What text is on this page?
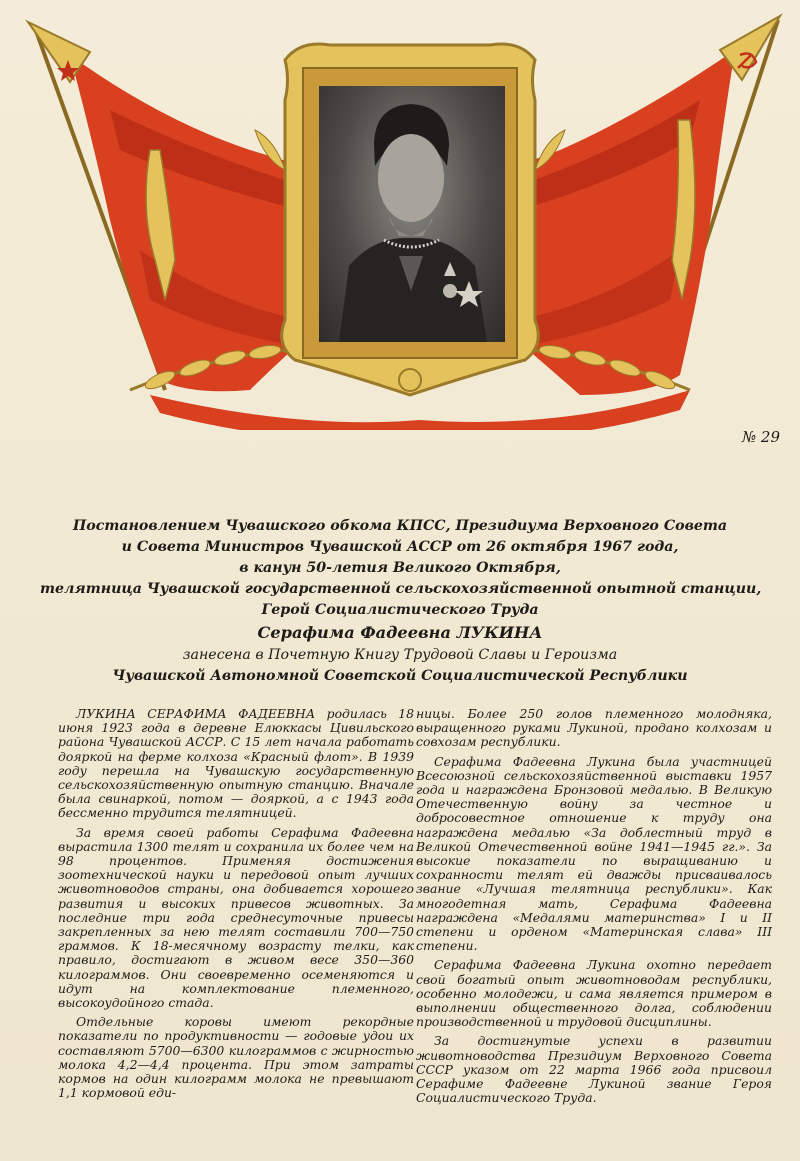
№ 29
Постановлением Чувашского обкома КПСС, Президиума Верховного Совета
и Совета Министров Чувашской АССР от 26 октября 1967 года,
в канун 50-летия Великого Октября,
телятница Чувашской государственной сельскохозяйственной опытной станции,
Герой Социалистического Труда
Серафима Фадеевна ЛУКИНА
занесена в Почетную Книгу Трудовой Славы и Героизма
Чувашской Автономной Советской Социалистической Республики

ЛУКИНА СЕРАФИМА ФАДЕЕВНА родилась 18 июня 1923 года в деревне Елюккасы Цивильского района Чувашской АССР. С 15 лет начала работать дояркой на ферме колхоза «Красный флот». В 1939 году перешла на Чувашскую государственную сельскохозяйственную опытную станцию. Вначале была свинаркой, потом — дояркой, а с 1943 года бессменно трудится телятницей.

За время своей работы Серафима Фадеевна вырастила 1300 телят и сохранила их более чем на 98 процентов. Применяя достижения зоотехнической науки и передовой опыт лучших животноводов страны, она добивается хорошего развития и высоких привесов животных. За последние три года среднесуточные привесы закрепленных за нею телят составили 700—750 граммов. К 18-месячному возрасту телки, как правило, достигают в живом весе 350—360 килограммов. Они своевременно осеменяются и идут на комплектование племенного, высокоудойного стада.

Отдельные коровы имеют рекордные показатели по продуктивности — годовые удои их составляют 5700—6300 килограммов с жирностью молока 4,2—4,4 процента. При этом затраты кормов на один килограмм молока не превышают 1,1 кормовой еди-

ницы. Более 250 голов племенного молодняка, выращенного руками Лукиной, продано колхозам и совхозам республики.

Серафима Фадеевна Лукина была участницей Всесоюзной сельскохозяйственной выставки 1957 года и награждена Бронзовой медалью. В Великую Отечественную войну за честное и добросовестное отношение к труду она награждена медалью «За доблестный труд в Великой Отечественной войне 1941—1945 гг.». За высокие показатели по выращиванию и сохранности телят ей дважды присваивалось звание «Лучшая телятница республики». Как многодетная мать, Серафима Фадеевна награждена «Медалями материнства» I и II степени и орденом «Материнская слава» III степени.

Серафима Фадеевна Лукина охотно передает свой богатый опыт животноводам республики, особенно молодежи, и сама является примером в выполнении общественного долга, соблюдении производственной и трудовой дисциплины.

За достигнутые успехи в развитии животноводства Президиум Верховного Совета СССР указом от 22 марта 1966 года присвоил Серафиме Фадеевне Лукиной звание Героя Социалистического Труда.
